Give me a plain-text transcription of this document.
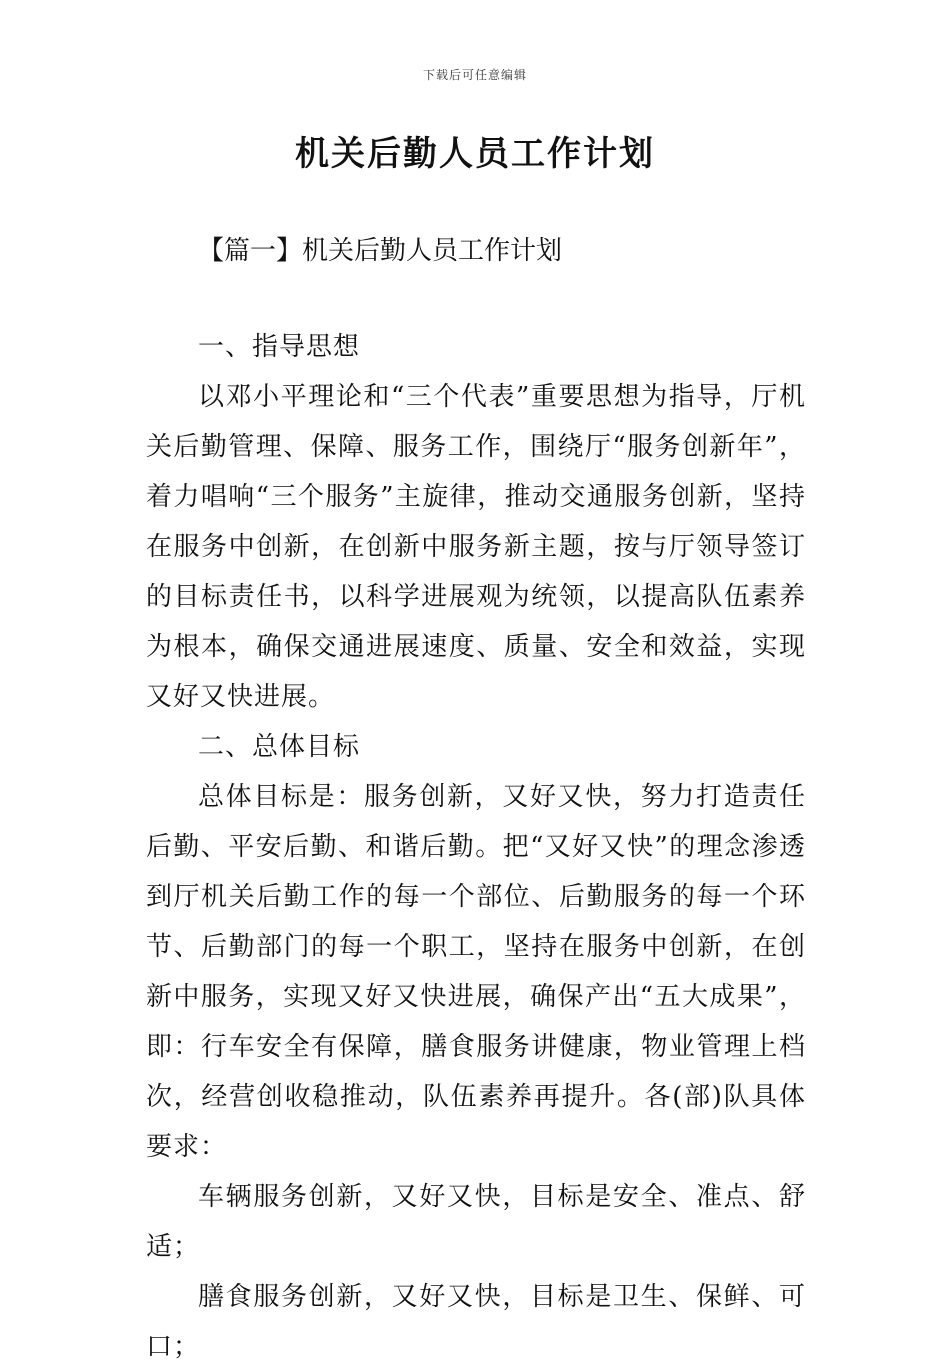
下载后可任意编辑
机关后勤人员工作计划
【篇一】机关后勤人员工作计划

一、指导思想

以邓小平理论和“三个代表”重要思想为指导，厅机关后勤管理、保障、服务工作，围绕厅“服务创新年”，着力唱响“三个服务”主旋律，推动交通服务创新，坚持在服务中创新，在创新中服务新主题，按与厅领导签订的目标责任书，以科学进展观为统领，以提高队伍素养为根本，确保交通进展速度、质量、安全和效益，实现又好又快进展。

二、总体目标

总体目标是：服务创新，又好又快，努力打造责任后勤、平安后勤、和谐后勤。把“又好又快”的理念渗透到厅机关后勤工作的每一个部位、后勤服务的每一个环节、后勤部门的每一个职工，坚持在服务中创新，在创新中服务，实现又好又快进展，确保产出“五大成果”，即：行车安全有保障，膳食服务讲健康，物业管理上档次，经营创收稳推动，队伍素养再提升。各(部)队具体要求：

车辆服务创新，又好又快，目标是安全、准点、舒适；

膳食服务创新，又好又快，目标是卫生、保鲜、可口；
